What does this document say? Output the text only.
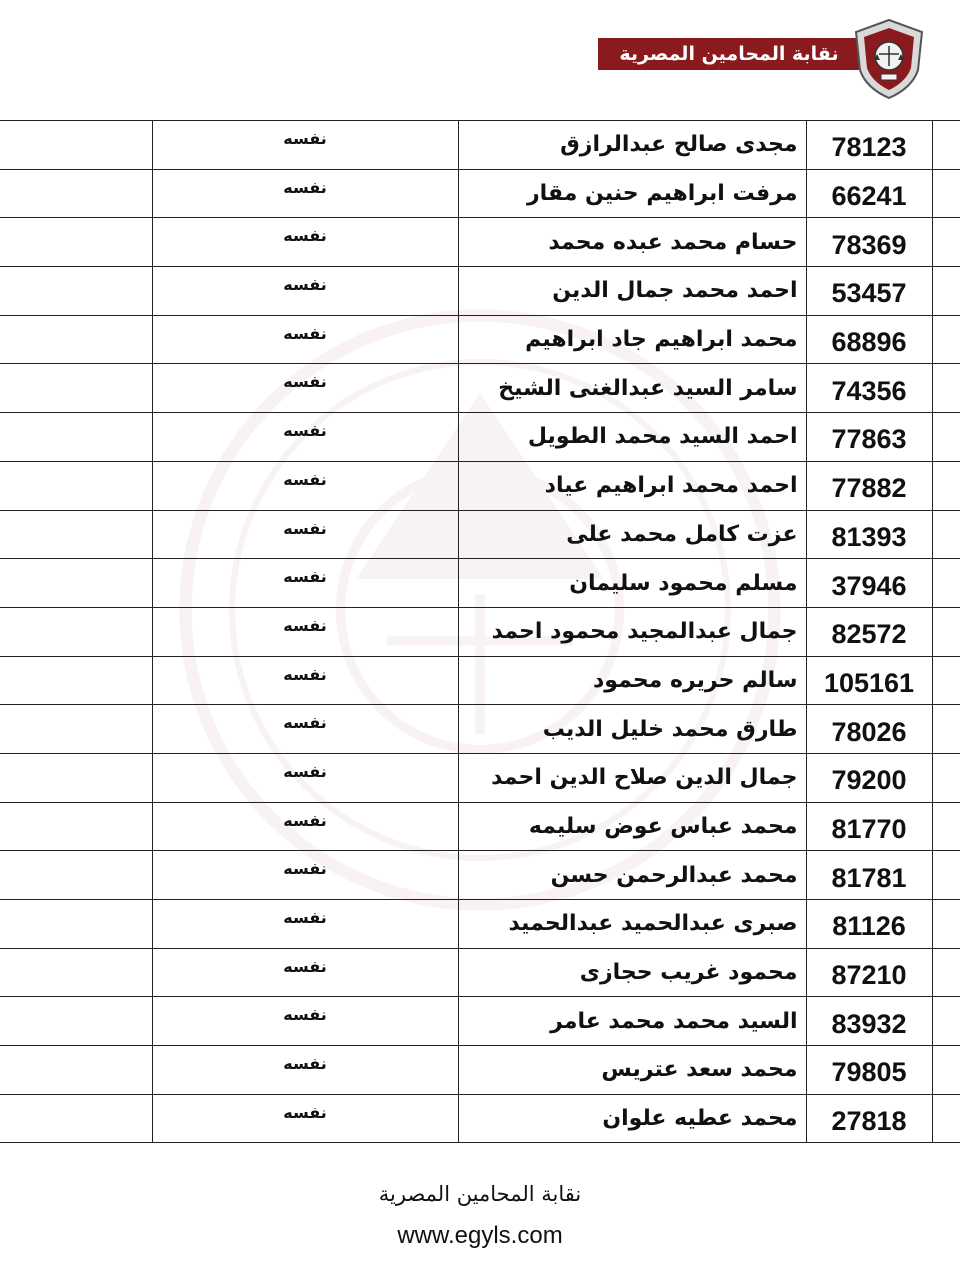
نقابة المحامين المصرية
	نفسه	مجدى صالح عبدالرازق	78123	
	نفسه	مرفت ابراهيم حنين مقار	66241	
	نفسه	حسام محمد عبده محمد	78369	
	نفسه	احمد محمد جمال الدين	53457	
	نفسه	محمد ابراهيم جاد ابراهيم	68896	
	نفسه	سامر السيد عبدالغنى الشيخ	74356	
	نفسه	احمد السيد محمد الطويل	77863	
	نفسه	احمد محمد ابراهيم عياد	77882	
	نفسه	عزت كامل محمد على	81393	
	نفسه	مسلم محمود سليمان	37946	
	نفسه	جمال عبدالمجيد محمود احمد	82572	
	نفسه	سالم حريره محمود	105161	
	نفسه	طارق محمد خليل الديب	78026	
	نفسه	جمال الدين صلاح الدين احمد	79200	
	نفسه	محمد عباس عوض سليمه	81770	
	نفسه	محمد عبدالرحمن حسن	81781	
	نفسه	صبرى عبدالحميد عبدالحميد	81126	
	نفسه	محمود غريب حجازى	87210	
	نفسه	السيد محمد محمد عامر	83932	
	نفسه	محمد سعد عتريس	79805	
	نفسه	محمد عطيه علوان	27818	
نقابة المحامين المصرية
www.egyls.com
